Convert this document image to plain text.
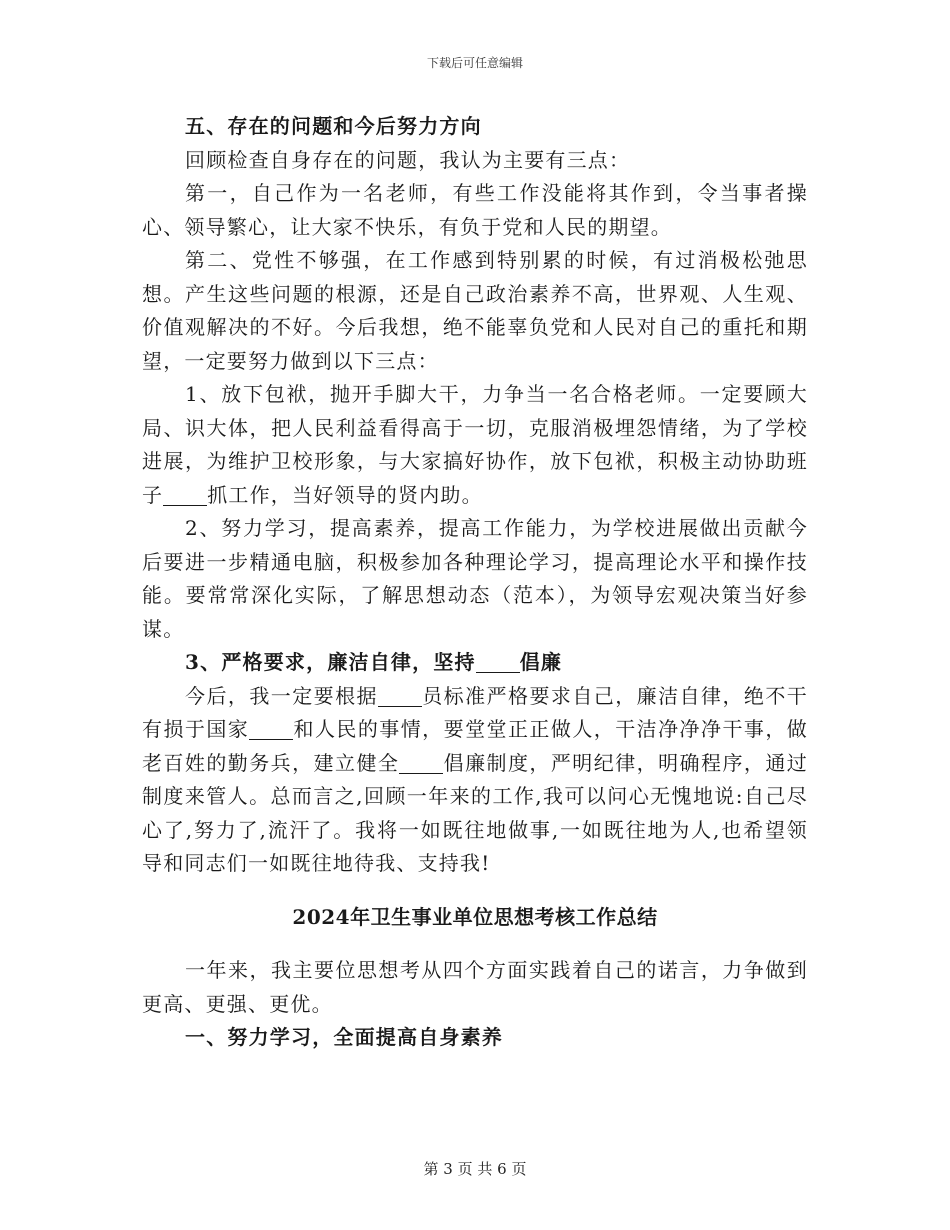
下载后可任意编辑

五、存在的问题和今后努力方向

回顾检查自身存在的问题，我认为主要有三点：

第一，自己作为一名老师，有些工作没能将其作到，令当事者操心、领导繁心，让大家不快乐，有负于党和人民的期望。

第二、党性不够强，在工作感到特别累的时候，有过消极松弛思想。产生这些问题的根源，还是自己政治素养不高，世界观、人生观、价值观解决的不好。今后我想，绝不能辜负党和人民对自己的重托和期望，一定要努力做到以下三点：

1、放下包袱，抛开手脚大干，力争当一名合格老师。一定要顾大局、识大体，把人民利益看得高于一切，克服消极埋怨情绪，为了学校进展，为维护卫校形象，与大家搞好协作，放下包袱，积极主动协助班子 抓工作，当好领导的贤内助。

2、努力学习，提高素养，提高工作能力，为学校进展做出贡献今后要进一步精通电脑，积极参加各种理论学习，提高理论水平和操作技能。要常常深化实际，了解思想动态（范本），为领导宏观决策当好参谋。

3、严格要求，廉洁自律，坚持 倡廉

今后，我一定要根据 员标准严格要求自己，廉洁自律，绝不干有损于国家 和人民的事情，要堂堂正正做人，干洁净净净干事，做老百姓的勤务兵，建立健全 倡廉制度，严明纪律，明确程序，通过制度来管人。总而言之,回顾一年来的工作,我可以问心无愧地说:自己尽心了,努力了,流汗了。我将一如既往地做事,一如既往地为人,也希望领导和同志们一如既往地待我、支持我!

2024年卫生事业单位思想考核工作总结

一年来，我主要位思想考从四个方面实践着自己的诺言，力争做到更高、更强、更优。

一、努力学习，全面提高自身素养

第 3 页 共 6 页
